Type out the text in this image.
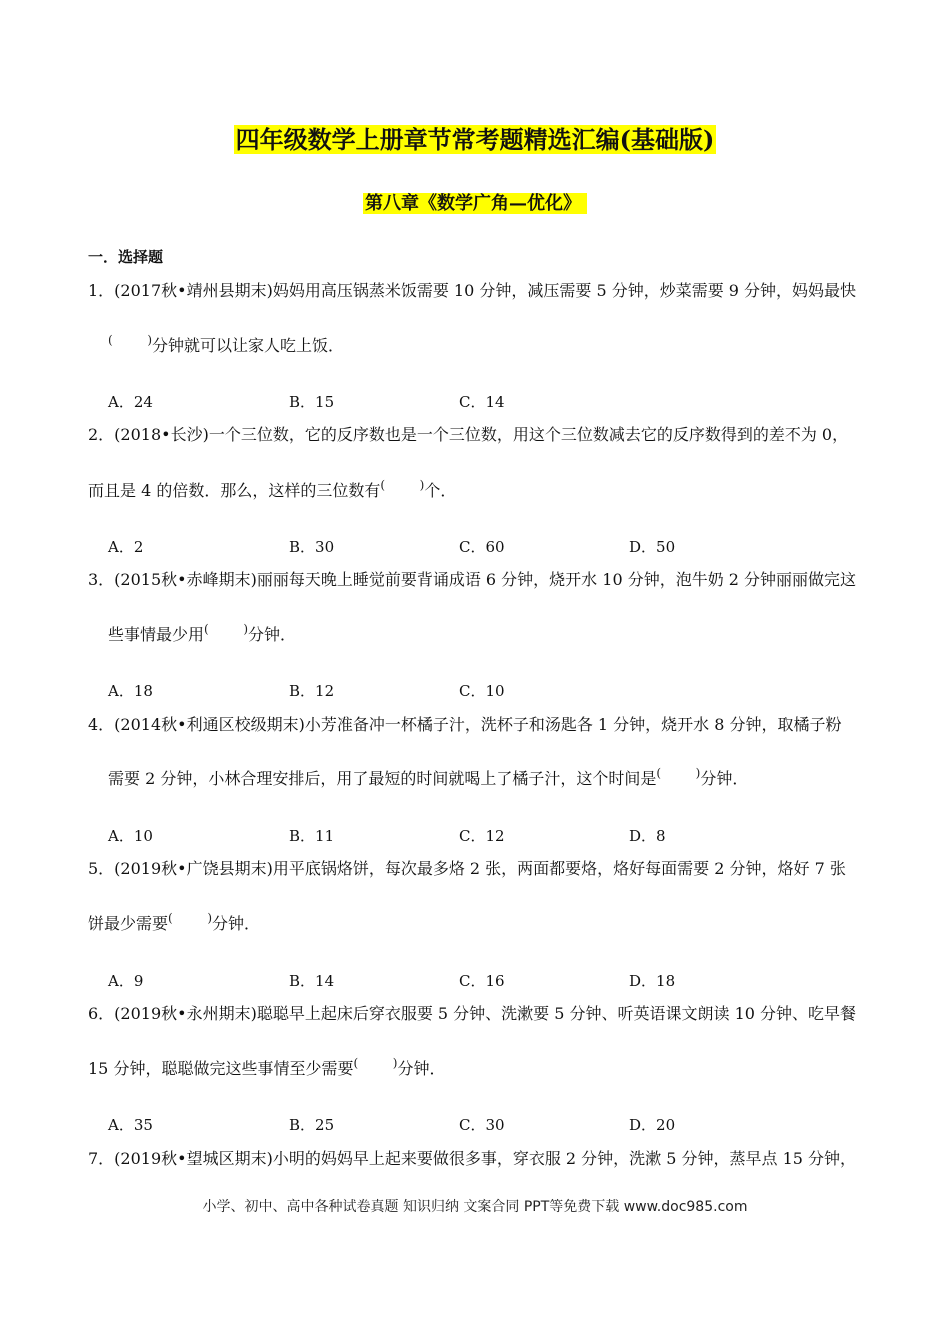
四年级数学上册章节常考题精选汇编(基础版)
第八章《数学广角—优化》
一．选择题
1．(2017秋•靖州县期末)妈妈用高压锅蒸米饭需要 10 分钟，减压需要 5 分钟，炒菜需要 9 分钟，妈妈最快
(	) 分钟就可以让家人吃上饭．
A．24	B．15	C．14
2．(2018•长沙)一个三位数，它的反序数也是一个三位数，用这个三位数减去它的反序数得到的差不为 0，
而且是 4 的倍数．那么，这样的三位数有 (	) 个．
A．2	B．30	C．60	D．50
3．(2015秋•赤峰期末)丽丽每天晚上睡觉前要背诵成语 6 分钟，烧开水 10 分钟，泡牛奶 2 分钟丽丽做完这
些事情最少用 (	) 分钟．
A．18	B．12	C．10
4．(2014秋•利通区校级期末)小芳准备冲一杯橘子汁，洗杯子和汤匙各 1 分钟，烧开水 8 分钟，取橘子粉
需要 2 分钟，小林合理安排后，用了最短的时间就喝上了橘子汁，这个时间是 (	) 分钟．
A．10	B．11	C．12	D．8
5．(2019秋•广饶县期末)用平底锅烙饼，每次最多烙 2 张，两面都要烙，烙好每面需要 2 分钟，烙好 7 张
饼最少需要 (	) 分钟．
A．9	B．14	C．16	D．18
6．(2019秋•永州期末)聪聪早上起床后穿衣服要 5 分钟、洗漱要 5 分钟、听英语课文朗读 10 分钟、吃早餐
15 分钟，聪聪做完这些事情至少需要 (	) 分钟．
A．35	B．25	C．30	D．20
7．(2019秋•望城区期末)小明的妈妈早上起来要做很多事，穿衣服 2 分钟，洗漱 5 分钟，蒸早点 15 分钟，
小学、初中、高中各种试卷真题 知识归纳 文案合同 PPT等免费下载 www.doc985.com
